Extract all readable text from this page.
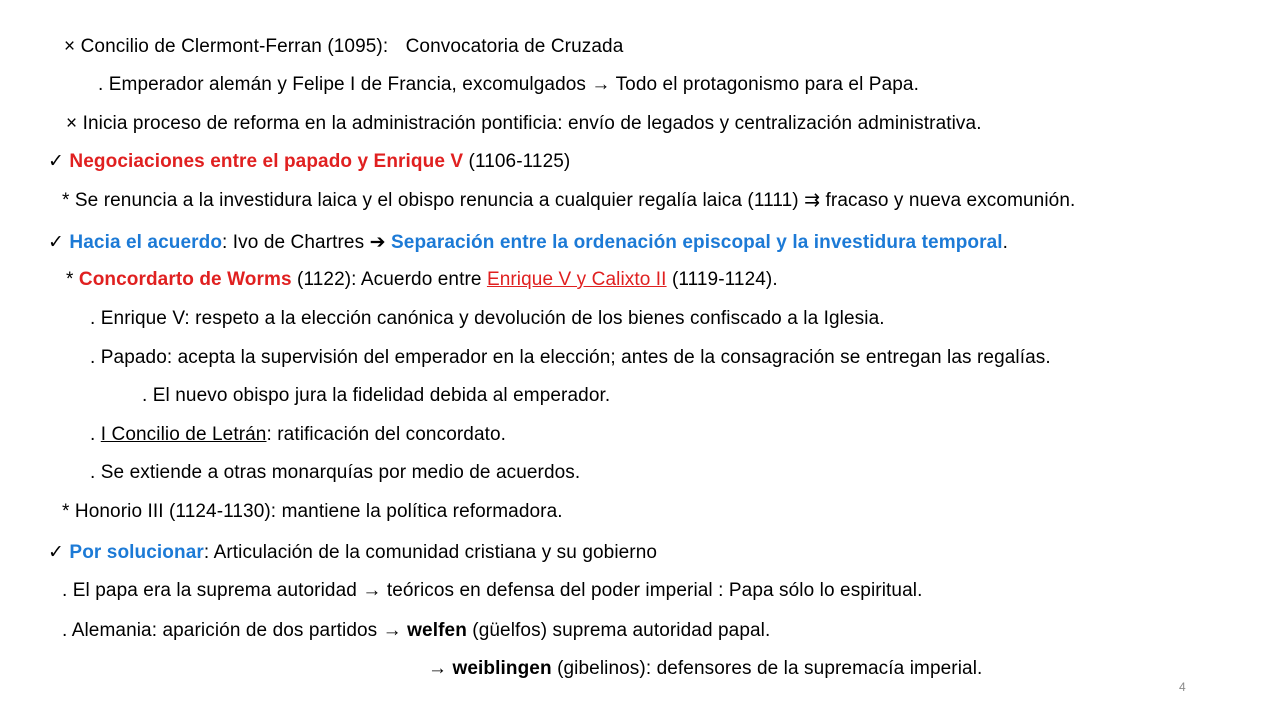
× Concilio de Clermont-Ferran (1095): Convocatoria de Cruzada
. Emperador alemán y Felipe I de Francia, excomulgados → Todo el protagonismo para el Papa.
× Inicia proceso de reforma en la administración pontificia: envío de legados y centralización administrativa.
✓ Negociaciones entre el papado y Enrique V (1106-1125)
* Se renuncia a la investidura laica y el obispo renuncia a cualquier regalía laica (1111) ⇉ fracaso y nueva excomunión.
✓ Hacia el acuerdo: Ivo de Chartres ➔ Separación entre la ordenación episcopal y la investidura temporal.
* Concordarto de Worms (1122): Acuerdo entre Enrique V y Calixto II (1119-1124).
. Enrique V: respeto a la elección canónica y devolución de los bienes confiscado a la Iglesia.
. Papado: acepta la supervisión del emperador en la elección; antes de la consagración se entregan las regalías.
. El nuevo obispo jura la fidelidad debida al emperador.
. I Concilio de Letrán: ratificación del concordato.
. Se extiende a otras monarquías por medio de acuerdos.
* Honorio III (1124-1130): mantiene la política reformadora.
✓ Por solucionar: Articulación de la comunidad cristiana y su gobierno
. El papa era la suprema autoridad → teóricos en defensa del poder imperial : Papa sólo lo espiritual.
. Alemania: aparición de dos partidos → welfen (güelfos) suprema autoridad papal.
→ weiblingen (gibelinos): defensores de la supremacía imperial.
4
